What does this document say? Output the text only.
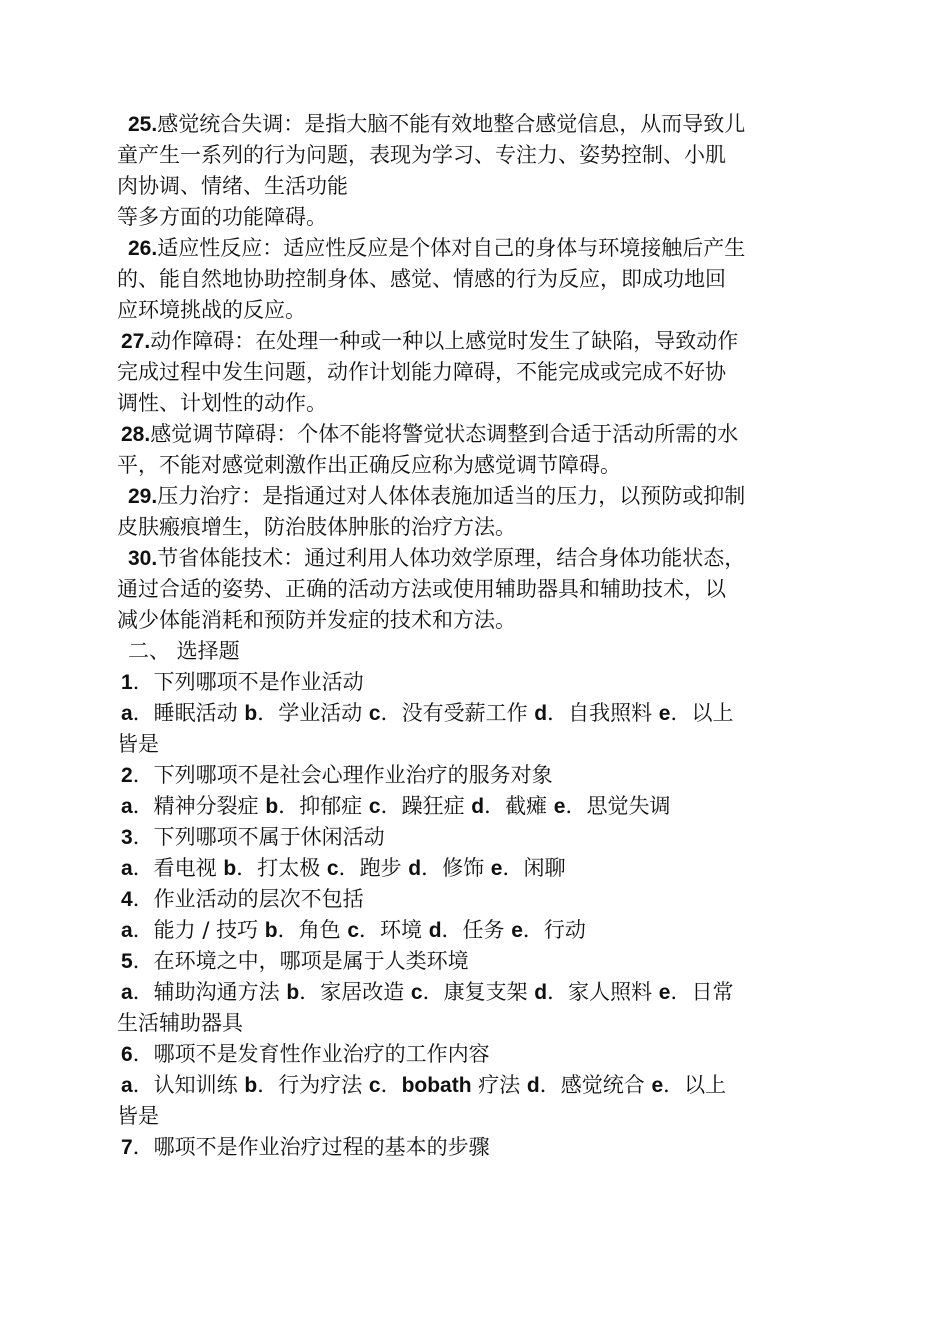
25.感觉统合失调：是指大脑不能有效地整合感觉信息，从而导致儿

童产生一系列的行为问题，表现为学习、专注力、姿势控制、小肌

肉协调、情绪、生活功能

等多方面的功能障碍。

26.适应性反应：适应性反应是个体对自己的身体与环境接触后产生

的、能自然地协助控制身体、感觉、情感的行为反应，即成功地回

应环境挑战的反应。

27.动作障碍：在处理一种或一种以上感觉时发生了缺陷，导致动作

完成过程中发生问题，动作计划能力障碍，不能完成或完成不好协

调性、计划性的动作。

28.感觉调节障碍：个体不能将警觉状态调整到合适于活动所需的水

平，不能对感觉刺激作出正确反应称为感觉调节障碍。

29.压力治疗：是指通过对人体体表施加适当的压力，以预防或抑制

皮肤瘢痕增生，防治肢体肿胀的治疗方法。

30.节省体能技术：通过利用人体功效学原理，结合身体功能状态，

通过合适的姿势、正确的活动方法或使用辅助器具和辅助技术，以

减少体能消耗和预防并发症的技术和方法。

二、 选择题

1．下列哪项不是作业活动

a．睡眠活动 b．学业活动 c．没有受薪工作 d．自我照料 e．以上

皆是

2．下列哪项不是社会心理作业治疗的服务对象

a．精神分裂症 b．抑郁症 c．躁狂症 d．截瘫 e．思觉失调

3．下列哪项不属于休闲活动

a．看电视 b．打太极 c．跑步 d．修饰 e．闲聊

4．作业活动的层次不包括

a．能力 / 技巧 b．角色 c．环境 d．任务 e．行动

5．在环境之中，哪项是属于人类环境

a．辅助沟通方法 b．家居改造 c．康复支架 d．家人照料 e．日常

生活辅助器具

6．哪项不是发育性作业治疗的工作内容

a．认知训练 b．行为疗法 c．bobath 疗法 d．感觉统合 e．以上

皆是

7．哪项不是作业治疗过程的基本的步骤
